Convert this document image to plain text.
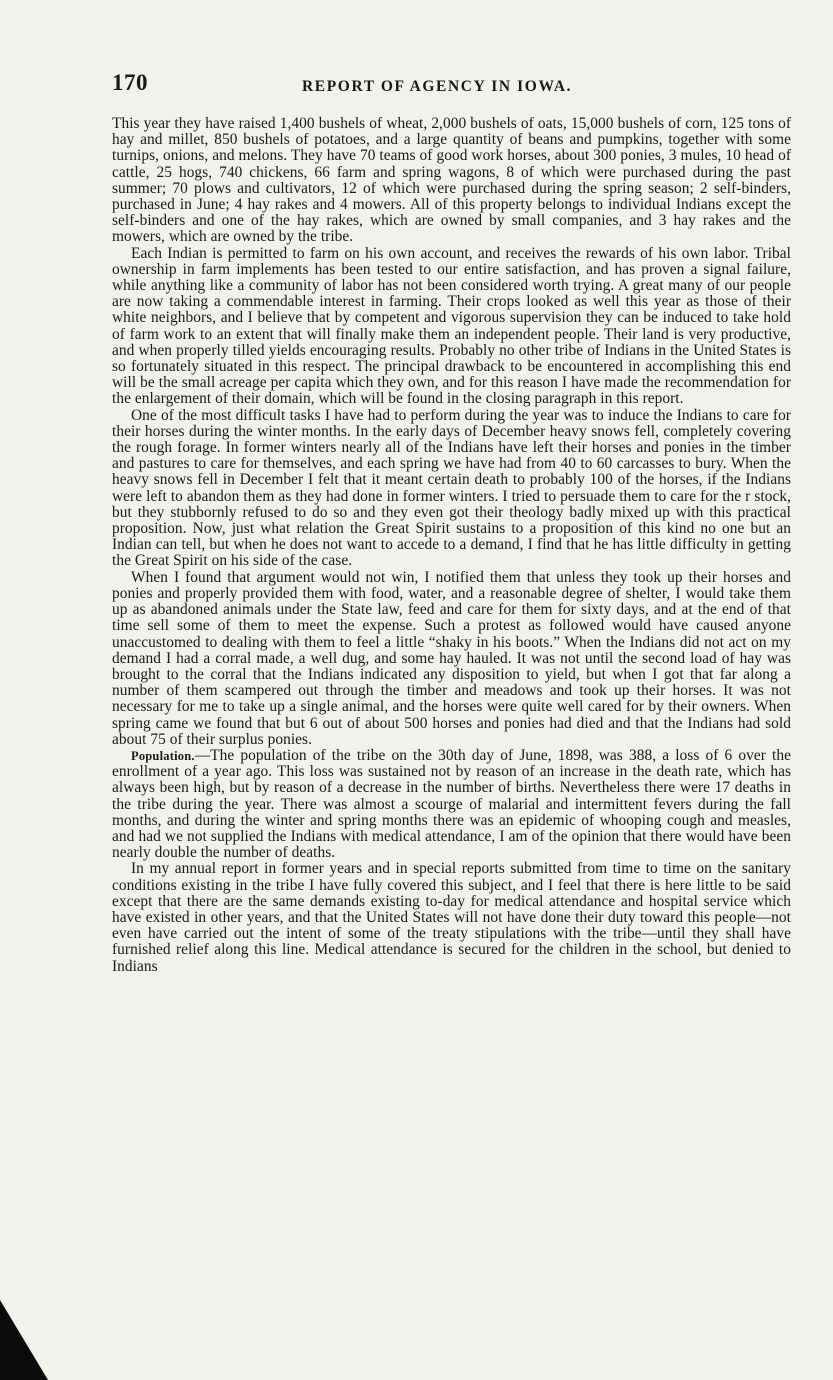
170	REPORT OF AGENCY IN IOWA.

This year they have raised 1,400 bushels of wheat, 2,000 bushels of oats, 15,000 bushels of corn, 125 tons of hay and millet, 850 bushels of potatoes, and a large quantity of beans and pumpkins, together with some turnips, onions, and melons. They have 70 teams of good work horses, about 300 ponies, 3 mules, 10 head of cattle, 25 hogs, 740 chickens, 66 farm and spring wagons, 8 of which were purchased during the past summer; 70 plows and cultivators, 12 of which were purchased during the spring season; 2 self-binders, purchased in June; 4 hay rakes and 4 mowers. All of this property belongs to individual Indians except the self-binders and one of the hay rakes, which are owned by small companies, and 3 hay rakes and the mowers, which are owned by the tribe.

Each Indian is permitted to farm on his own account, and receives the rewards of his own labor. Tribal ownership in farm implements has been tested to our entire satisfaction, and has proven a signal failure, while anything like a community of labor has not been considered worth trying. A great many of our people are now taking a commendable interest in farming. Their crops looked as well this year as those of their white neighbors, and I believe that by competent and vigorous supervision they can be induced to take hold of farm work to an extent that will finally make them an independent people. Their land is very productive, and when properly tilled yields encouraging results. Probably no other tribe of Indians in the United States is so fortunately situated in this respect. The principal drawback to be encountered in accomplishing this end will be the small acreage per capita which they own, and for this reason I have made the recommendation for the enlargement of their domain, which will be found in the closing paragraph in this report.

One of the most difficult tasks I have had to perform during the year was to induce the Indians to care for their horses during the winter months. In the early days of December heavy snows fell, completely covering the rough forage. In former winters nearly all of the Indians have left their horses and ponies in the timber and pastures to care for themselves, and each spring we have had from 40 to 60 carcasses to bury. When the heavy snows fell in December I felt that it meant certain death to probably 100 of the horses, if the Indians were left to abandon them as they had done in former winters. I tried to persuade them to care for the r stock, but they stubbornly refused to do so and they even got their theology badly mixed up with this practical proposition. Now, just what relation the Great Spirit sustains to a proposition of this kind no one but an Indian can tell, but when he does not want to accede to a demand, I find that he has little difficulty in getting the Great Spirit on his side of the case.

When I found that argument would not win, I notified them that unless they took up their horses and ponies and properly provided them with food, water, and a reasonable degree of shelter, I would take them up as abandoned animals under the State law, feed and care for them for sixty days, and at the end of that time sell some of them to meet the expense. Such a protest as followed would have caused anyone unaccustomed to dealing with them to feel a little “shaky in his boots.” When the Indians did not act on my demand I had a corral made, a well dug, and some hay hauled. It was not until the second load of hay was brought to the corral that the Indians indicated any disposition to yield, but when I got that far along a number of them scampered out through the timber and meadows and took up their horses. It was not necessary for me to take up a single animal, and the horses were quite well cared for by their owners. When spring came we found that but 6 out of about 500 horses and ponies had died and that the Indians had sold about 75 of their surplus ponies.

Population.—The population of the tribe on the 30th day of June, 1898, was 388, a loss of 6 over the enrollment of a year ago. This loss was sustained not by reason of an increase in the death rate, which has always been high, but by reason of a decrease in the number of births. Nevertheless there were 17 deaths in the tribe during the year. There was almost a scourge of malarial and intermittent fevers during the fall months, and during the winter and spring months there was an epidemic of whooping cough and measles, and had we not supplied the Indians with medical attendance, I am of the opinion that there would have been nearly double the number of deaths.

In my annual report in former years and in special reports submitted from time to time on the sanitary conditions existing in the tribe I have fully covered this subject, and I feel that there is here little to be said except that there are the same demands existing to-day for medical attendance and hospital service which have existed in other years, and that the United States will not have done their duty toward this people—not even have carried out the intent of some of the treaty stipulations with the tribe—until they shall have furnished relief along this line. Medical attendance is secured for the children in the school, but denied to Indians
